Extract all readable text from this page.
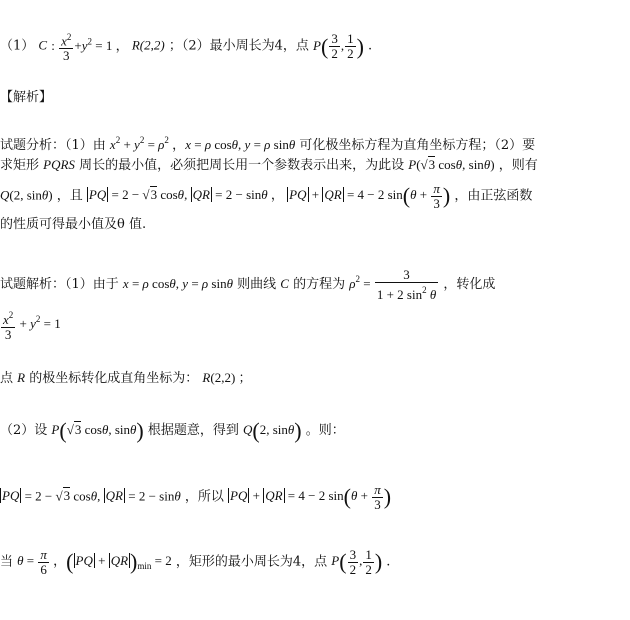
（1） C : $\frac{x^2}{3} +y^2 = 1$ ， R(2,2) ；（2）最小周长为4，点 $P( \frac{3}{2}$ , $\frac{1}{2}$ ) .
【解析】
试题分析：（1）由 $x^2 + y^2 = \rho^2$ ，x = ρ cosθ, y = ρ sinθ 可化极坐标方程为直角坐标方程；（2）要
求矩形 PQRS 周长的最小值，必须把周长用一个参数表示出来，为此设 P(√3 cosθ, sinθ) ，则有
Q(2, sinθ) ，且 PQ = 2 − √3 cosθ, QR = 2 − sinθ ， PQ + QR = 4 − 2 $\sin(\theta + \frac{\pi}{3}$ ) ，由正弦函数
的性质可得最小值及θ 值.
试题解析：（1）由于 x = ρ cosθ, y = ρ sinθ 则曲线 C 的方程为 $\rho^2 = \frac{3}{1 + 2 \sin^2 \theta}$ ，转化成
$\frac{x^2}{3} + y^2 = 1$
点 R 的极坐标转化成直角坐标为： R(2,2) ；
（2）设 P(√3 cosθ, sinθ) 根据题意，得到 Q(2, sinθ) 。则：
PQ = 2 − √3 cosθ, QR = 2 − sinθ ，所以 PQ + QR = 4 − 2 $\sin(\theta + \frac{\pi}{3}$ )
当 $\theta = \frac{\pi}{6}$ ，( PQ + $QR)_{min} = 2$ ，矩形的最小周长为4，点 $P( \frac{3}{2}$ , $\frac{1}{2}$ ) .
